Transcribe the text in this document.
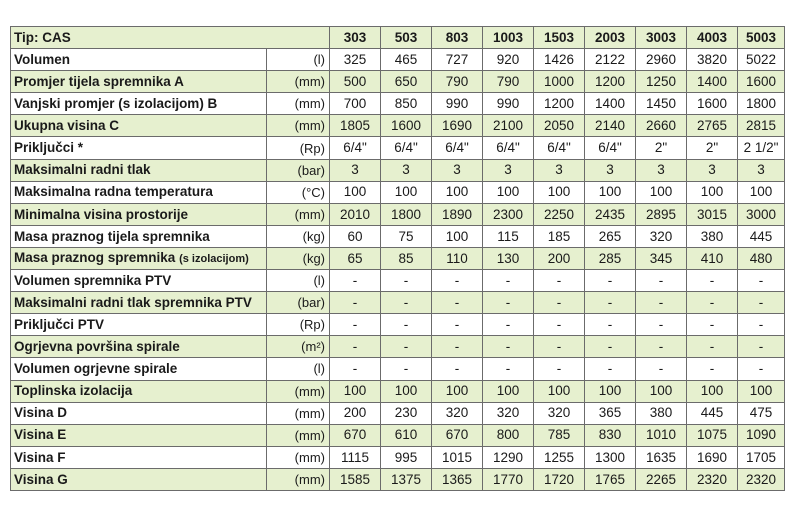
Tip: CAS		303	503	803	1003	1503	2003	3003	4003	5003
Volumen	(l)	325	465	727	920	1426	2122	2960	3820	5022
Promjer tijela spremnika A	(mm)	500	650	790	790	1000	1200	1250	1400	1600
Vanjski promjer (s izolacijom) B	(mm)	700	850	990	990	1200	1400	1450	1600	1800
Ukupna visina C	(mm)	1805	1600	1690	2100	2050	2140	2660	2765	2815
Priključci *	(Rp)	6/4"	6/4"	6/4"	6/4"	6/4"	6/4"	2"	2"	2 1/2"
Maksimalni radni tlak	(bar)	3	3	3	3	3	3	3	3	3
Maksimalna radna temperatura	(°C)	100	100	100	100	100	100	100	100	100
Minimalna visina prostorije	(mm)	2010	1800	1890	2300	2250	2435	2895	3015	3000
Masa praznog tijela spremnika	(kg)	60	75	100	115	185	265	320	380	445
Masa praznog spremnika (s izolacijom)	(kg)	65	85	110	130	200	285	345	410	480
Volumen spremnika PTV	(l)	-	-	-	-	-	-	-	-	-
Maksimalni radni tlak spremnika PTV	(bar)	-	-	-	-	-	-	-	-	-
Priključci PTV	(Rp)	-	-	-	-	-	-	-	-	-
Ogrjevna površina spirale	(m²)	-	-	-	-	-	-	-	-	-
Volumen ogrjevne spirale	(l)	-	-	-	-	-	-	-	-	-
Toplinska izolacija	(mm)	100	100	100	100	100	100	100	100	100
Visina D	(mm)	200	230	320	320	320	365	380	445	475
Visina E	(mm)	670	610	670	800	785	830	1010	1075	1090
Visina F	(mm)	1115	995	1015	1290	1255	1300	1635	1690	1705
Visina G	(mm)	1585	1375	1365	1770	1720	1765	2265	2320	2320
